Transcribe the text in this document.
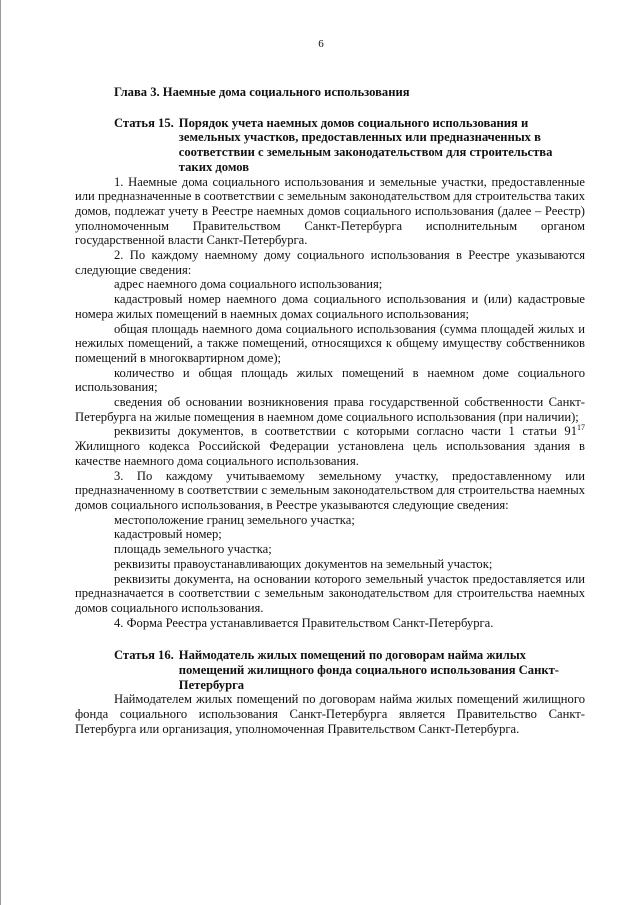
6
Глава 3. Наемные дома социального использования
Статья 15. Порядок учета наемных домов социального использования и земельных участков, предоставленных или предназначенных в соответствии с земельным законодательством для строительства таких домов

1. Наемные дома социального использования и земельные участки, предоставленные или предназначенные в соответствии с земельным законодательством для строительства таких домов, подлежат учету в Реестре наемных домов социального использования (далее – Реестр) уполномоченным Правительством Санкт-Петербурга исполнительным органом государственной власти Санкт-Петербурга.

2. По каждому наемному дому социального использования в Реестре указываются следующие сведения:

адрес наемного дома социального использования;

кадастровый номер наемного дома социального использования и (или) кадастровые номера жилых помещений в наемных домах социального использования;

общая площадь наемного дома социального использования (сумма площадей жилых и нежилых помещений, а также помещений, относящихся к общему имуществу собственников помещений в многоквартирном доме);

количество и общая площадь жилых помещений в наемном доме социального использования;

сведения об основании возникновения права государственной собственности Санкт-Петербурга на жилые помещения в наемном доме социального использования (при наличии);

реквизиты документов, в соответствии с которыми согласно части 1 статьи $91^{17}$ Жилищного кодекса Российской Федерации установлена цель использования здания в качестве наемного дома социального использования.

3. По каждому учитываемому земельному участку, предоставленному или предназначенному в соответствии с земельным законодательством для строительства наемных домов социального использования, в Реестре указываются следующие сведения:

местоположение границ земельного участка;

кадастровый номер;

площадь земельного участка;

реквизиты правоустанавливающих документов на земельный участок;

реквизиты документа, на основании которого земельный участок предоставляется или предназначается в соответствии с земельным законодательством для строительства наемных домов социального использования.

4. Форма Реестра устанавливается Правительством Санкт-Петербурга.

Статья 16. Наймодатель жилых помещений по договорам найма жилых помещений жилищного фонда социального использования Санкт-Петербурга

Наймодателем жилых помещений по договорам найма жилых помещений жилищного фонда социального использования Санкт-Петербурга является Правительство Санкт-Петербурга или организация, уполномоченная Правительством Санкт-Петербурга.
